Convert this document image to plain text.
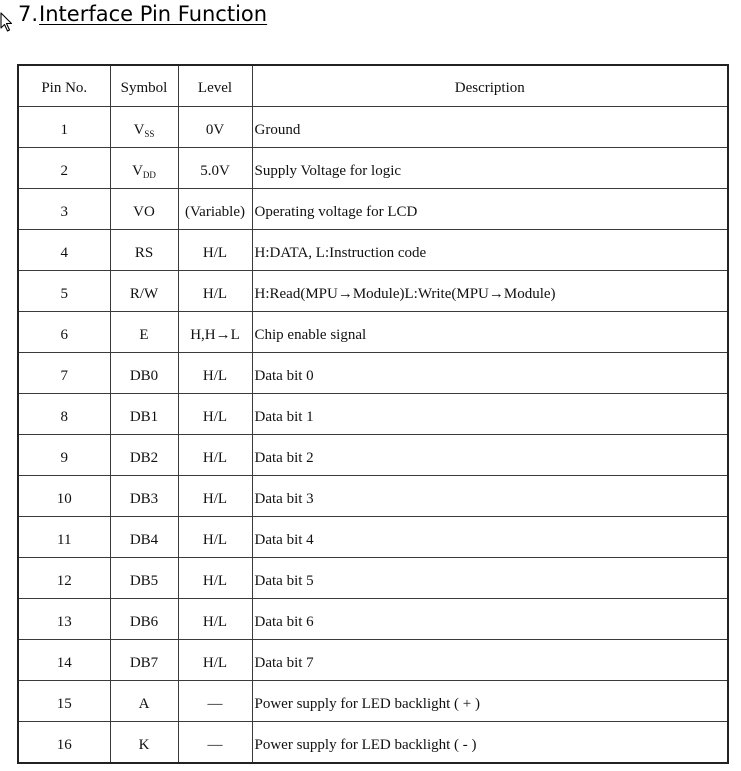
7. Interface Pin Function
Pin No.	Symbol	Level	Description
1	$V_{SS}$	0V	Ground
2	$V_{DD}$	5.0V	Supply Voltage for logic
3	VO	(Variable)	Operating voltage for LCD
4	RS	H/L	H:DATA, L:Instruction code
5	R/W	H/L	H:Read(MPU→Module)L:Write(MPU→Module)
6	E	H,H→L	Chip enable signal
7	DB0	H/L	Data bit 0
8	DB1	H/L	Data bit 1
9	DB2	H/L	Data bit 2
10	DB3	H/L	Data bit 3
11	DB4	H/L	Data bit 4
12	DB5	H/L	Data bit 5
13	DB6	H/L	Data bit 6
14	DB7	H/L	Data bit 7
15	A	—	Power supply for LED backlight ( + )
16	K	—	Power supply for LED backlight ( - )
